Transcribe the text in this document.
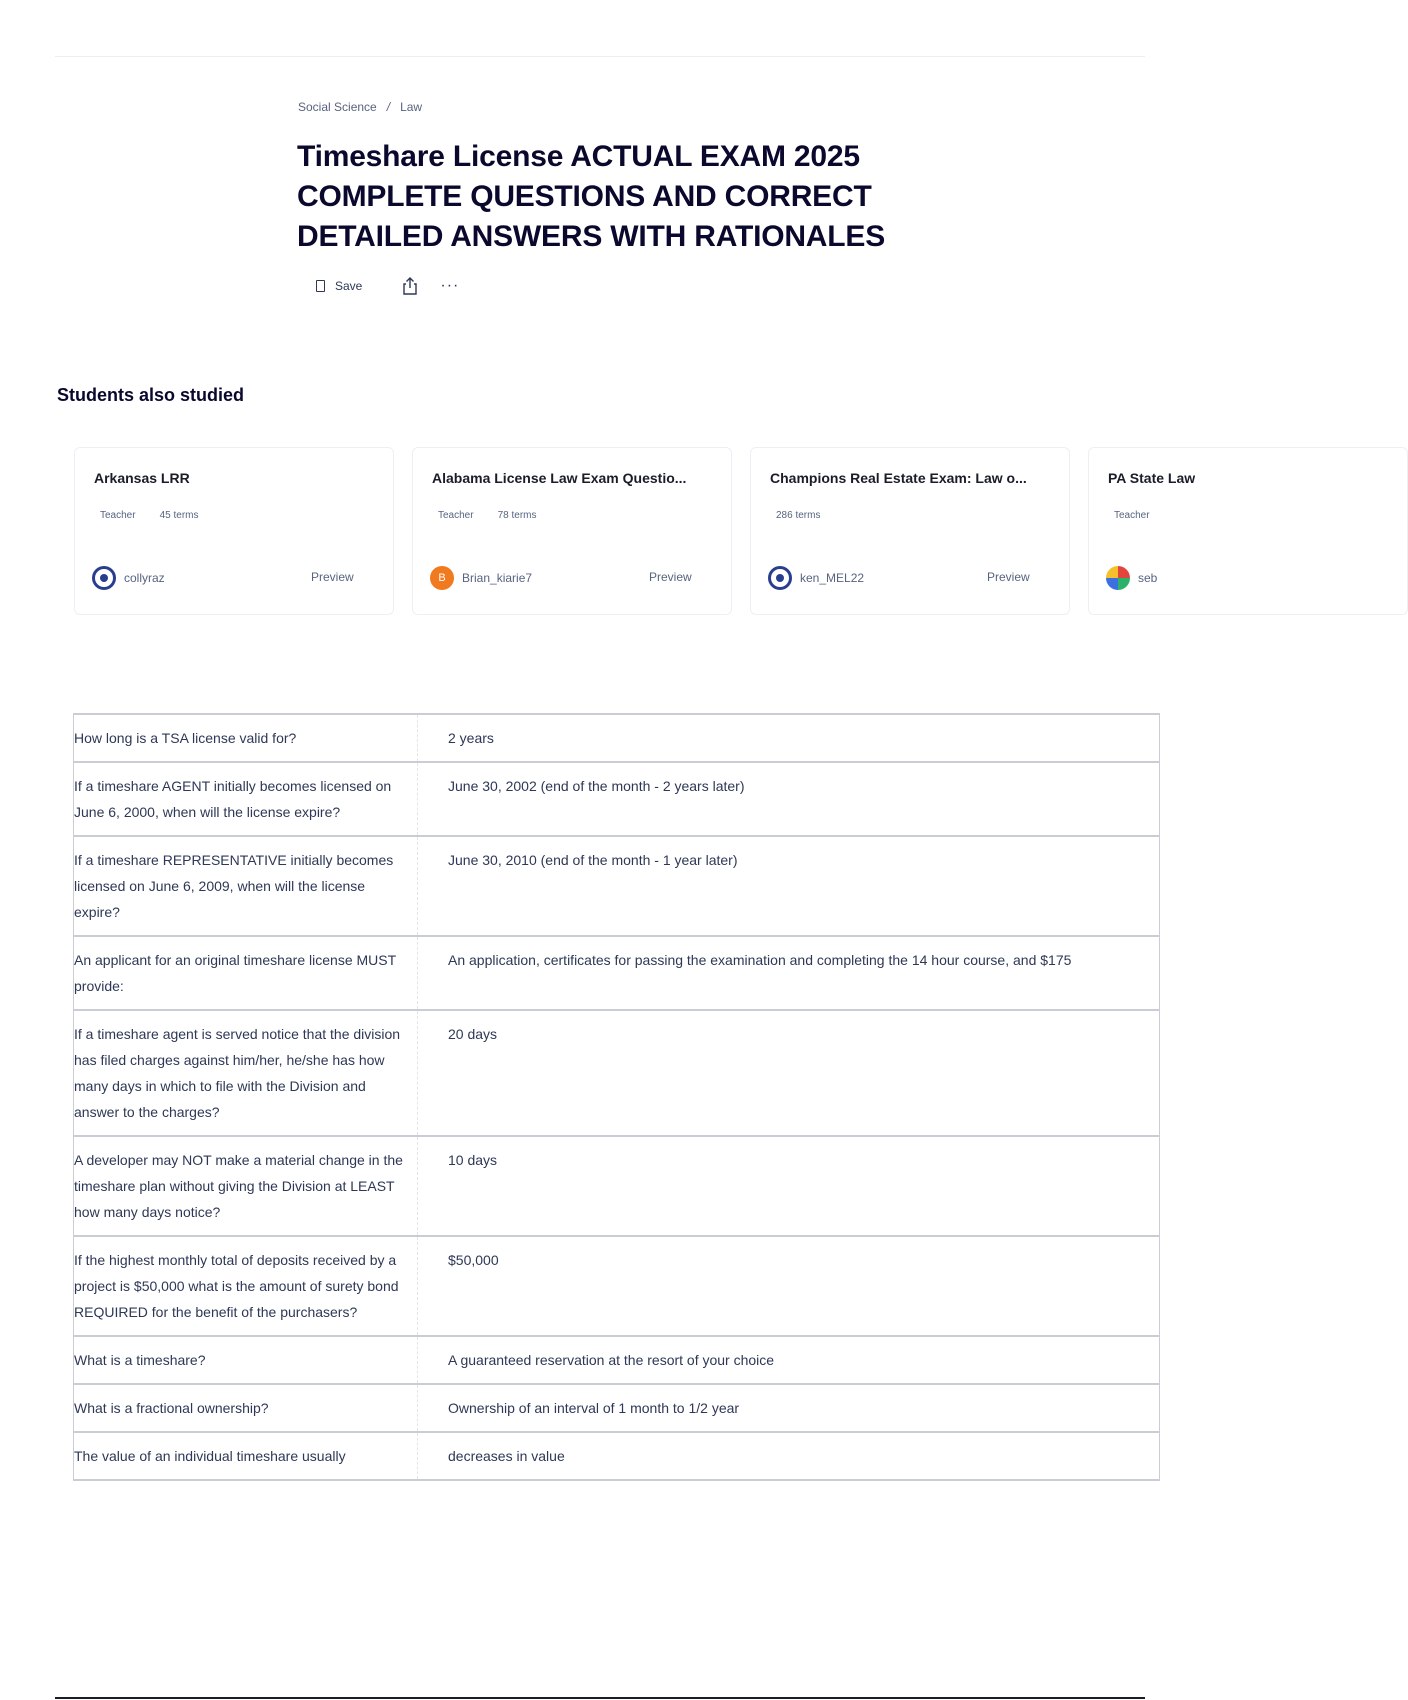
Social Science / Law
Timeshare License ACTUAL EXAM 2025 COMPLETE QUESTIONS AND CORRECT DETAILED ANSWERS WITH RATIONALES
Save	···
Students also studied
Arkansas LRR
Teacher 45 terms
collyraz	Preview
Alabama License Law Exam Questio...
Teacher 78 terms
B	Brian_kiarie7	Preview
Champions Real Estate Exam: Law o...
286 terms
ken_MEL22	Preview
PA State Law
Teacher
seb
How long is a TSA license valid for?	2 years
If a timeshare AGENT initially becomes licensed on June 6, 2000, when will the license expire?	June 30, 2002 (end of the month - 2 years later)
If a timeshare REPRESENTATIVE initially becomes licensed on June 6, 2009, when will the license expire?	June 30, 2010 (end of the month - 1 year later)
An applicant for an original timeshare license MUST provide:	An application, certificates for passing the examination and completing the 14 hour course, and $175
If a timeshare agent is served notice that the division has filed charges against him/her, he/she has how many days in which to file with the Division and answer to the charges?	20 days
A developer may NOT make a material change in the timeshare plan without giving the Division at LEAST how many days notice?	10 days
If the highest monthly total of deposits received by a project is $50,000 what is the amount of surety bond REQUIRED for the benefit of the purchasers?	$50,000
What is a timeshare?	A guaranteed reservation at the resort of your choice
What is a fractional ownership?	Ownership of an interval of 1 month to 1/2 year
The value of an individual timeshare usually	decreases in value
